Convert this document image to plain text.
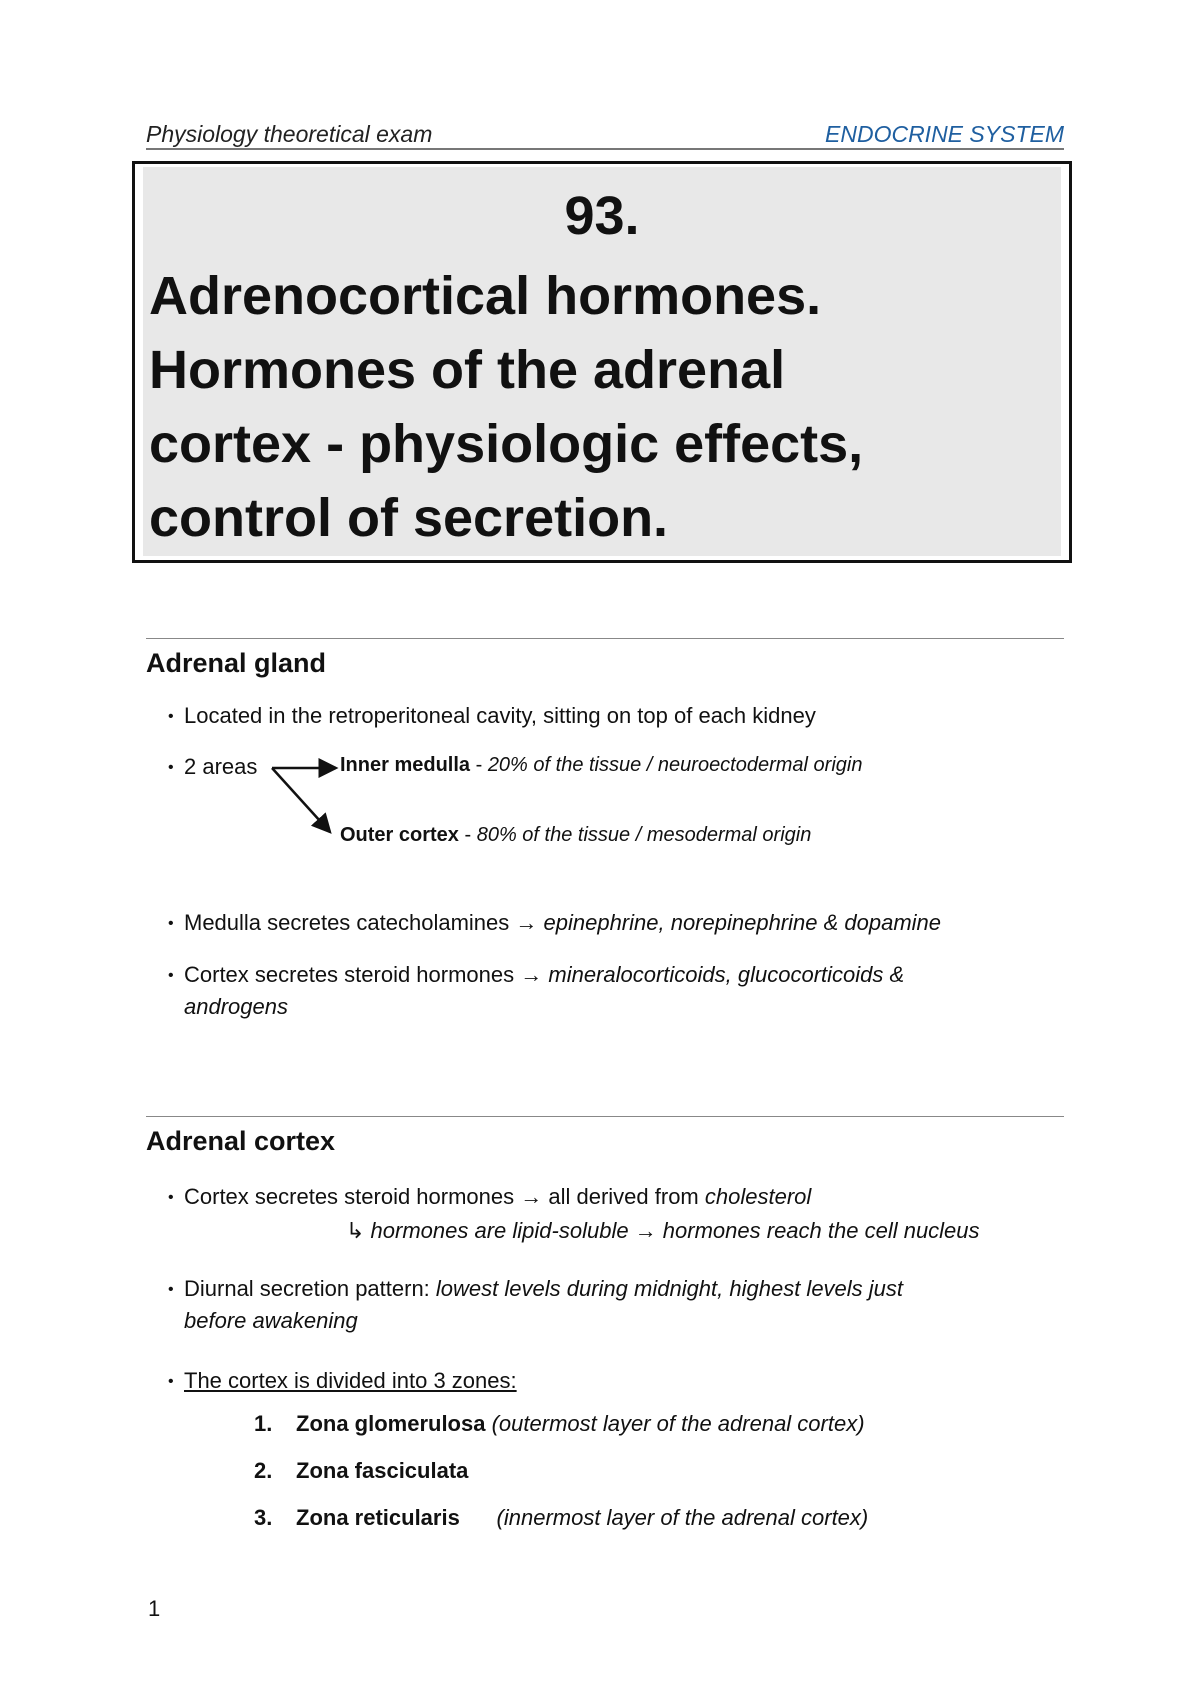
Physiology theoretical exam	ENDOCRINE SYSTEM
93.
Adrenocortical hormones.
Hormones of the adrenal
cortex - physiologic effects,
control of secretion.
Adrenal gland
• Located in the retroperitoneal cavity, sitting on top of each kidney
• 2 areas	Inner medulla - 20% of the tissue / neuroectodermal origin
Outer cortex - 80% of the tissue / mesodermal origin
• Medulla secretes catecholamines → epinephrine, norepinephrine & dopamine
• Cortex secretes steroid hormones → mineralocorticoids, glucocorticoids &
androgens
Adrenal cortex
• Cortex secretes steroid hormones → all derived from cholesterol
↳ hormones are lipid-soluble → hormones reach the cell nucleus
• Diurnal secretion pattern: lowest levels during midnight, highest levels just
before awakening
• The cortex is divided into 3 zones:
1. Zona glomerulosa (outermost layer of the adrenal cortex)
2. Zona fasciculata
3. Zona reticularis      (innermost layer of the adrenal cortex)
1
